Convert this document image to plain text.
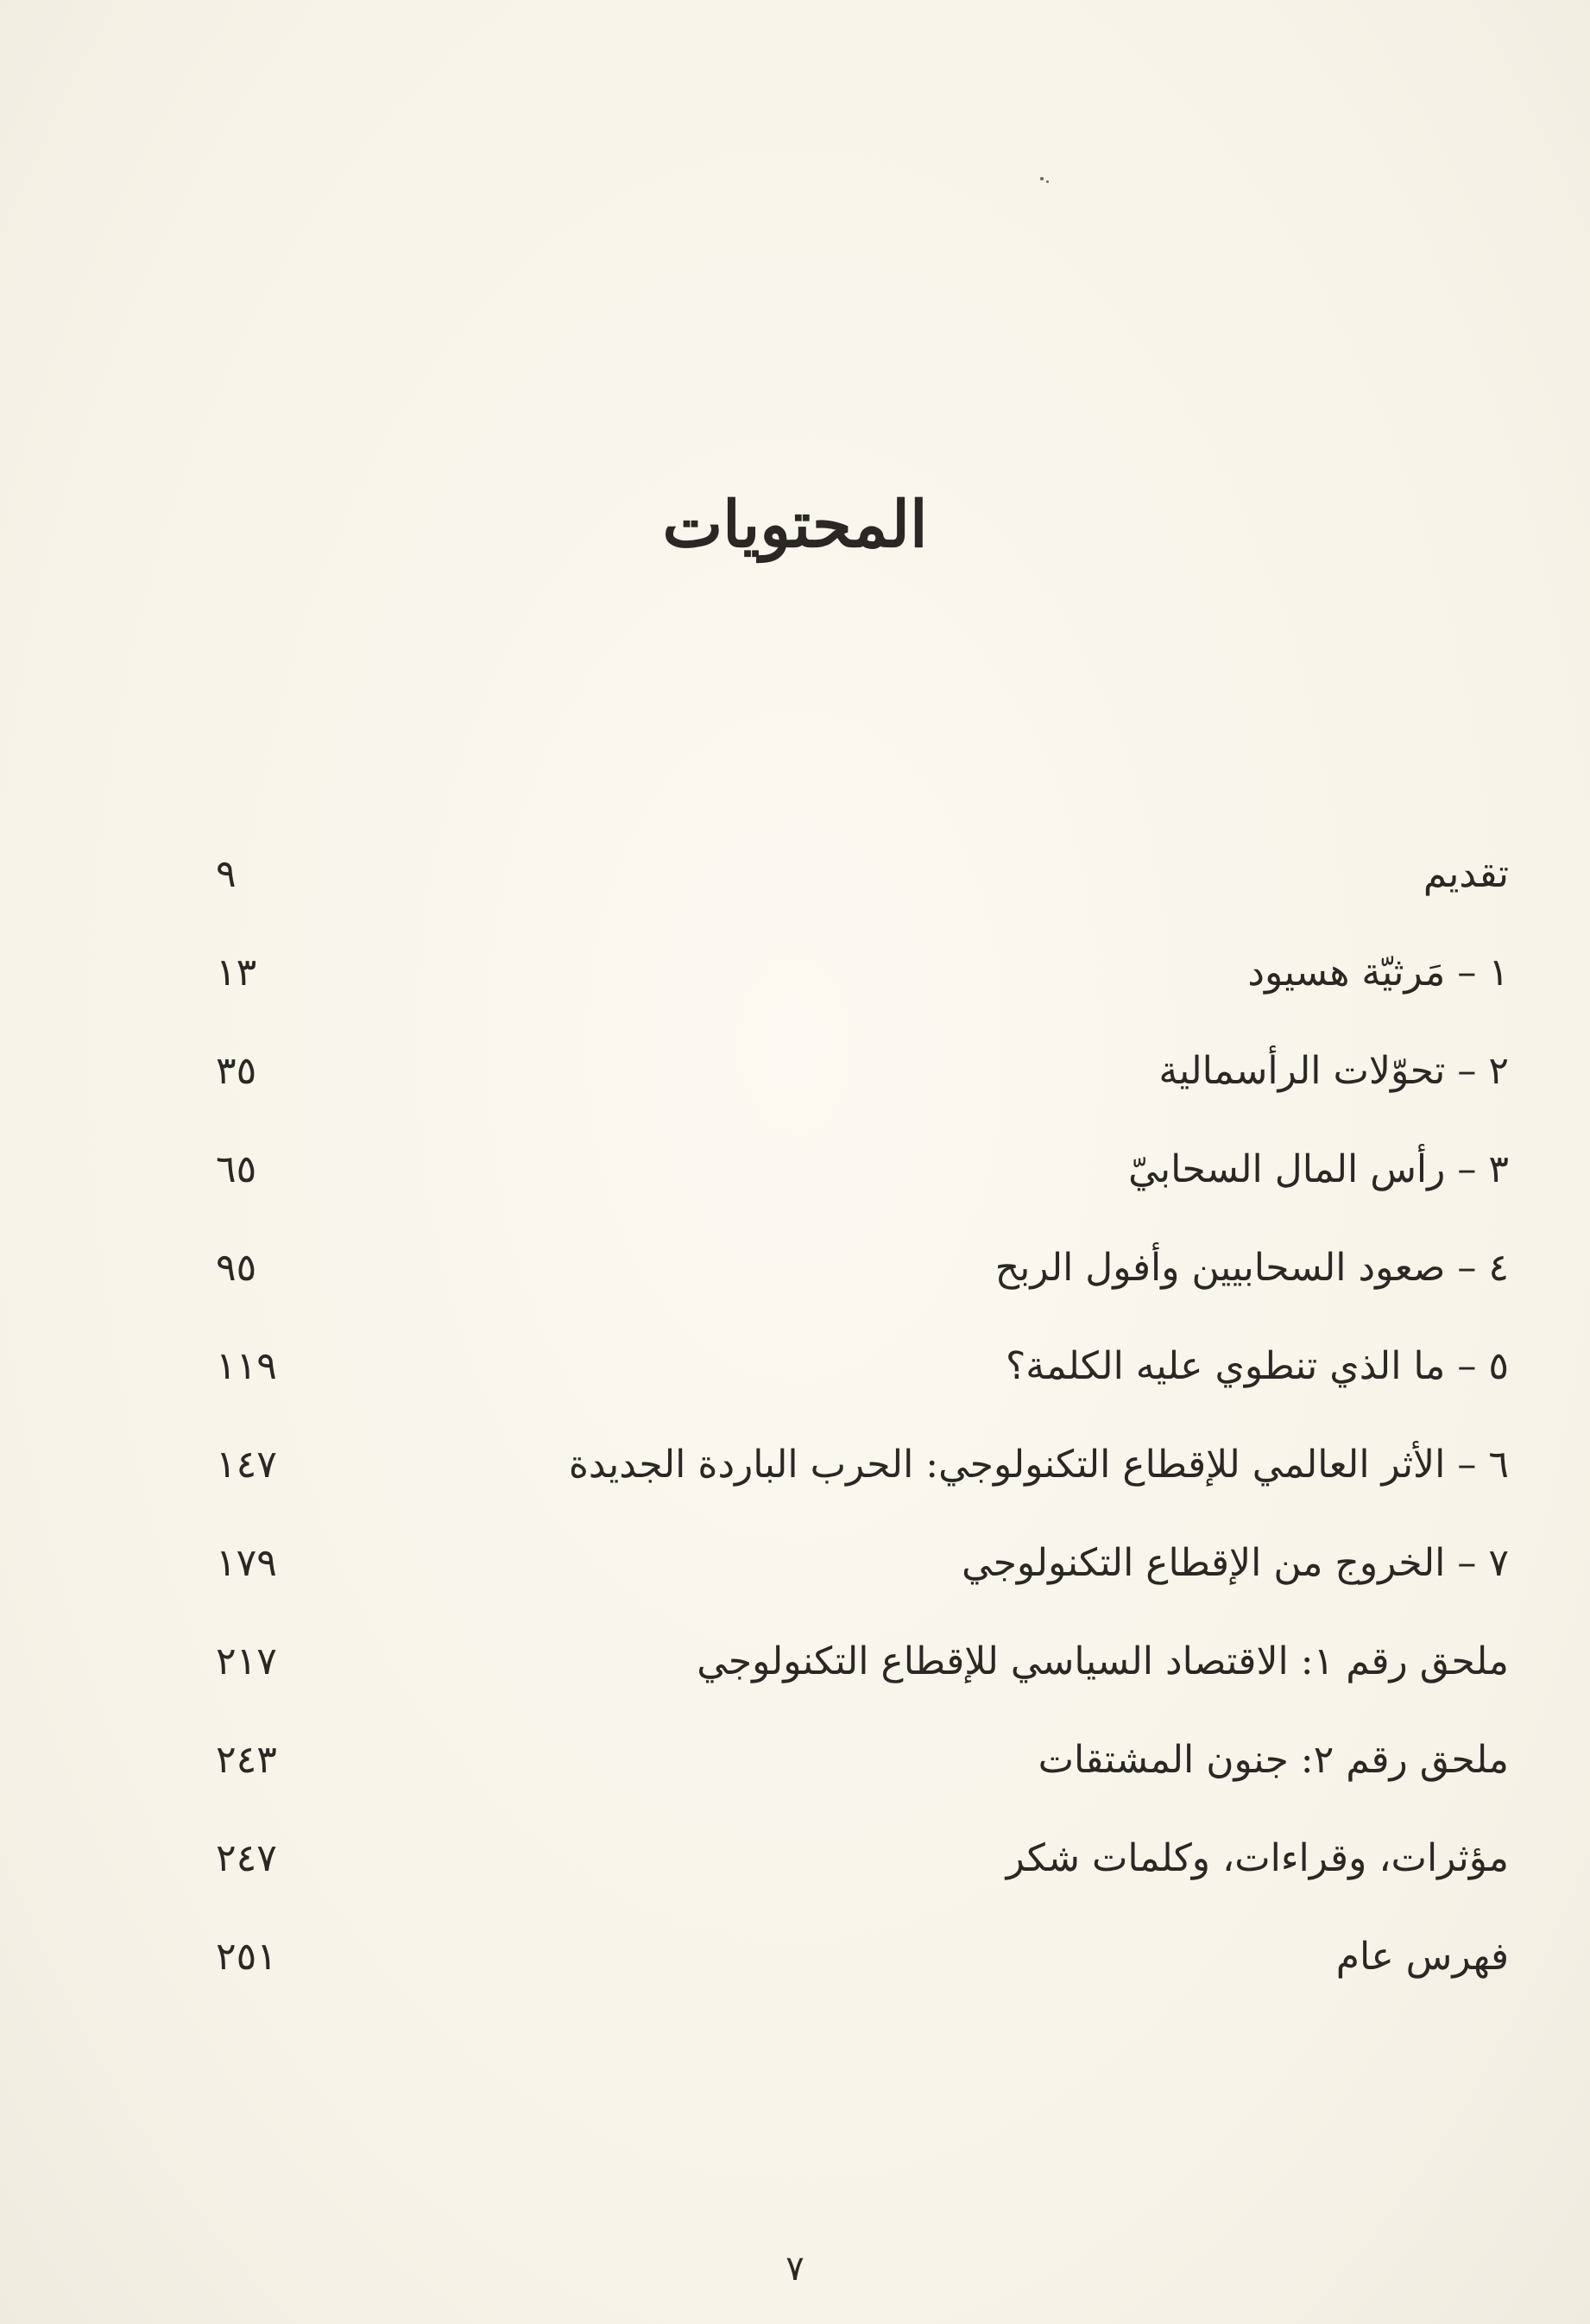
المحتويات
تقديم
٩
١ – مَرثيّة هسيود
١٣
٢ – تحوّلات الرأسمالية
٣٥
٣ – رأس المال السحابيّ
٦٥
٤ – صعود السحابيين وأفول الربح
٩٥
٥ – ما الذي تنطوي عليه الكلمة؟
١١٩
٦ – الأثر العالمي للإقطاع التكنولوجي: الحرب الباردة الجديدة
١٤٧
٧ – الخروج من الإقطاع التكنولوجي
١٧٩
ملحق رقم ١: الاقتصاد السياسي للإقطاع التكنولوجي
٢١٧
ملحق رقم ٢: جنون المشتقات
٢٤٣
مؤثرات، وقراءات، وكلمات شكر
٢٤٧
فهرس عام
٢٥١
٧
